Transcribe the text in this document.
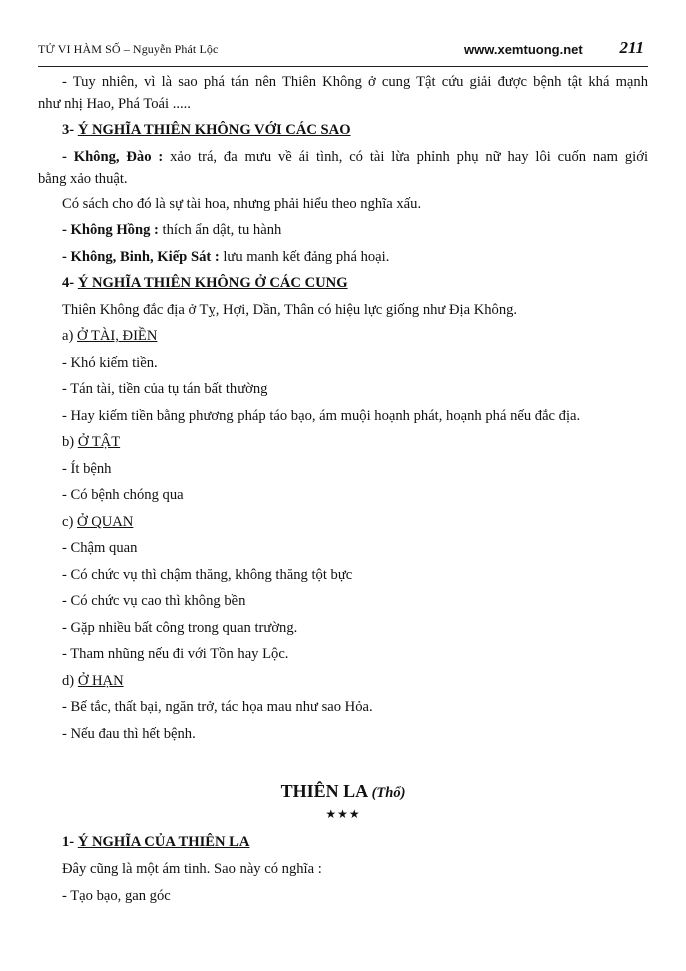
TỬ VI HÀM SỐ – Nguyễn Phát Lộc	www.xemtuong.net 211
- Tuy nhiên, vì là sao phá tán nên Thiên Không ở cung Tật cứu giải được bệnh tật khá mạnh
như nhị Hao, Phá Toái .....
3- Ý NGHĨA THIÊN KHÔNG VỚI CÁC SAO
- Không, Đào : xảo trá, đa mưu về ái tình, có tài lừa phỉnh phụ nữ hay lôi cuốn nam giới
bằng xảo thuật.
Có sách cho đó là sự tài hoa, nhưng phải hiểu theo nghĩa xấu.
- Không Hồng : thích ẩn dật, tu hành
- Không, Binh, Kiếp Sát : lưu manh kết đảng phá hoại.
4- Ý NGHĨA THIÊN KHÔNG Ở CÁC CUNG
Thiên Không đắc địa ở Tỵ, Hợi, Dần, Thân có hiệu lực giống như Địa Không.
a) Ở TÀI, ĐIỀN
- Khó kiếm tiền.
- Tán tài, tiền của tụ tán bất thường
- Hay kiếm tiền bằng phương pháp táo bạo, ám muội hoạnh phát, hoạnh phá nếu đắc địa.
b) Ở TẬT
- Ít bệnh
- Có bệnh chóng qua
c) Ở QUAN
- Chậm quan
- Có chức vụ thì chậm thăng, không thăng tột bực
- Có chức vụ cao thì không bền
- Gặp nhiều bất công trong quan trường.
- Tham nhũng nếu đi với Tồn hay Lộc.
d) Ở HẠN
- Bế tắc, thất bại, ngăn trở, tác họa mau như sao Hỏa.
- Nếu đau thì hết bệnh.
THIÊN LA (Thổ)
★★★
1- Ý NGHĨA CỦA THIÊN LA
Đây cũng là một ám tinh. Sao này có nghĩa :
- Tạo bạo, gan góc
